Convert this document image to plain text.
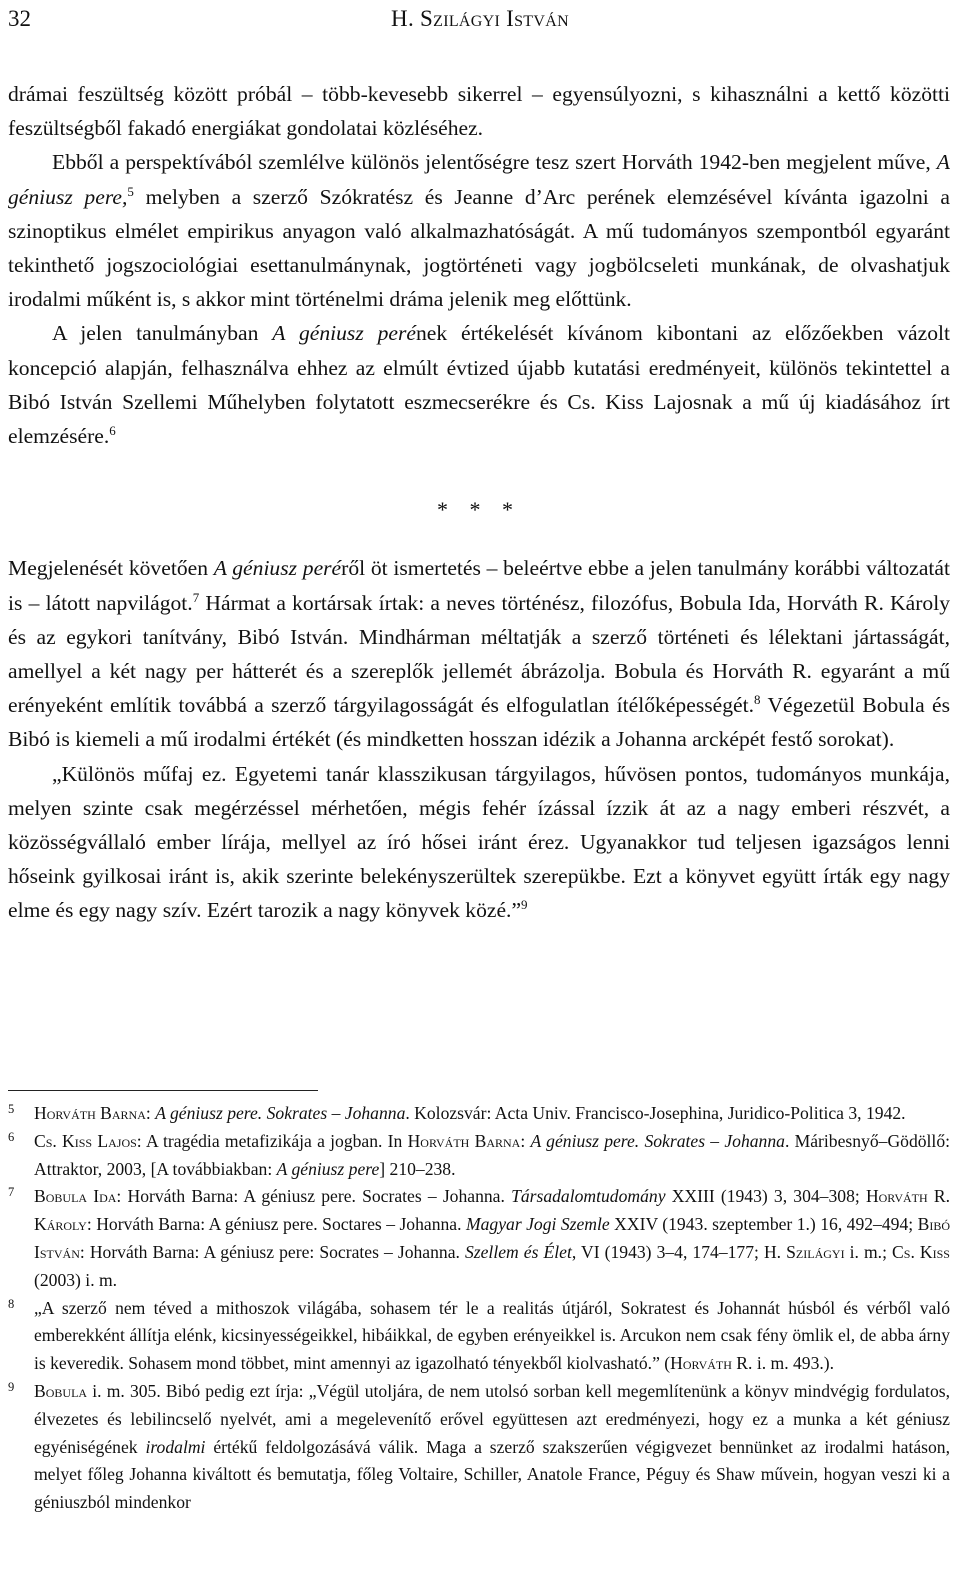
32	H. Szilágyi István

drámai feszültség között próbál – több-kevesebb sikerrel – egyensúlyozni, s kihasználni a kettő közötti feszültségből fakadó energiákat gondolatai közléséhez.

Ebből a perspektívából szemlélve különös jelentőségre tesz szert Horváth 1942-ben megjelent műve, A géniusz pere,$^5$ melyben a szerző Szókratész és Jeanne d’Arc perének elemzésével kívánta igazolni a szinoptikus elmélet empirikus anyagon való alkalmazhatóságát. A mű tudományos szempontból egyaránt tekinthető jogszociológiai esettanulmánynak, jogtörténeti vagy jogbölcseleti munkának, de olvashatjuk irodalmi műként is, s akkor mint történelmi dráma jelenik meg előttünk.

A jelen tanulmányban A géniusz perének értékelését kívánom kibontani az előzőekben vázolt koncepció alapján, felhasználva ehhez az elmúlt évtized újabb kutatási eredményeit, különös tekintettel a Bibó István Szellemi Műhelyben folytatott eszmecserékre és Cs. Kiss Lajosnak a mű új kiadásához írt elemzésére.$^6$

* * *

Megjelenését követően A géniusz peréről öt ismertetés – beleértve ebbe a jelen tanulmány korábbi változatát is – látott napvilágot.$^7$ Hármat a kortársak írtak: a neves történész, filozófus, Bobula Ida, Horváth R. Károly és az egykori tanítvány, Bibó István. Mindhárman méltatják a szerző történeti és lélektani jártasságát, amellyel a két nagy per hátterét és a szereplők jellemét ábrázolja. Bobula és Horváth R. egyaránt a mű erényeként említik továbbá a szerző tárgyilagosságát és elfogulatlan ítélőképességét.$^8$ Végezetül Bobula és Bibó is kiemeli a mű irodalmi értékét (és mindketten hosszan idézik a Johanna arcképét festő sorokat).

„Különös műfaj ez. Egyetemi tanár klasszikusan tárgyilagos, hűvösen pontos, tudományos munkája, melyen szinte csak megérzéssel mérhetően, mégis fehér ízással ízzik át az a nagy emberi részvét, a közösségvállaló ember lírája, mellyel az író hősei iránt érez. Ugyanakkor tud teljesen igazságos lenni hőseink gyilkosai iránt is, akik szerinte belekényszerültek szerepükbe. Ezt a könyvet együtt írták egy nagy elme és egy nagy szív. Ezért tarozik a nagy könyvek közé.”$^9$

5 Horváth Barna: A géniusz pere. Sokrates – Johanna. Kolozsvár: Acta Univ. Francisco-Josephina, Juridico-Politica 3, 1942.

6 Cs. Kiss Lajos: A tragédia metafizikája a jogban. In Horváth Barna: A géniusz pere. Sokrates – Johanna. Máribesnyő–Gödöllő: Attraktor, 2003, [A továbbiakban: A géniusz pere] 210–238.

7 Bobula Ida: Horváth Barna: A géniusz pere. Socrates – Johanna. Társadalomtudomány XXIII (1943) 3, 304–308; Horváth R. Károly: Horváth Barna: A géniusz pere. Soctares – Johanna. Magyar Jogi Szemle XXIV (1943. szeptember 1.) 16, 492–494; Bibó István: Horváth Barna: A géniusz pere: Socrates – Johanna. Szellem és Élet, VI (1943) 3–4, 174–177; H. Szilágyi i. m.; Cs. Kiss (2003) i. m.

8 „A szerző nem téved a mithoszok világába, sohasem tér le a realitás útjáról, Sokratest és Johannát húsból és vérből való emberekként állítja elénk, kicsinyességeikkel, hibáikkal, de egyben erényeikkel is. Arcukon nem csak fény ömlik el, de abba árny is keveredik. Sohasem mond többet, mint amennyi az igazolható tényekből kiolvasható.” (Horváth R. i. m. 493.).

9 Bobula i. m. 305. Bibó pedig ezt írja: „Végül utoljára, de nem utolsó sorban kell megemlítenünk a könyv mindvégig fordulatos, élvezetes és lebilincselő nyelvét, ami a megelevenítő erővel együttesen azt eredményezi, hogy ez a munka a két géniusz egyéniségének irodalmi értékű feldolgozásává válik. Maga a szerző szakszerűen végigvezet bennünket az irodalmi hatáson, melyet főleg Johanna kiváltott és bemutatja, főleg Voltaire, Schiller, Anatole France, Péguy és Shaw művein, hogyan veszi ki a géniuszból mindenkor
